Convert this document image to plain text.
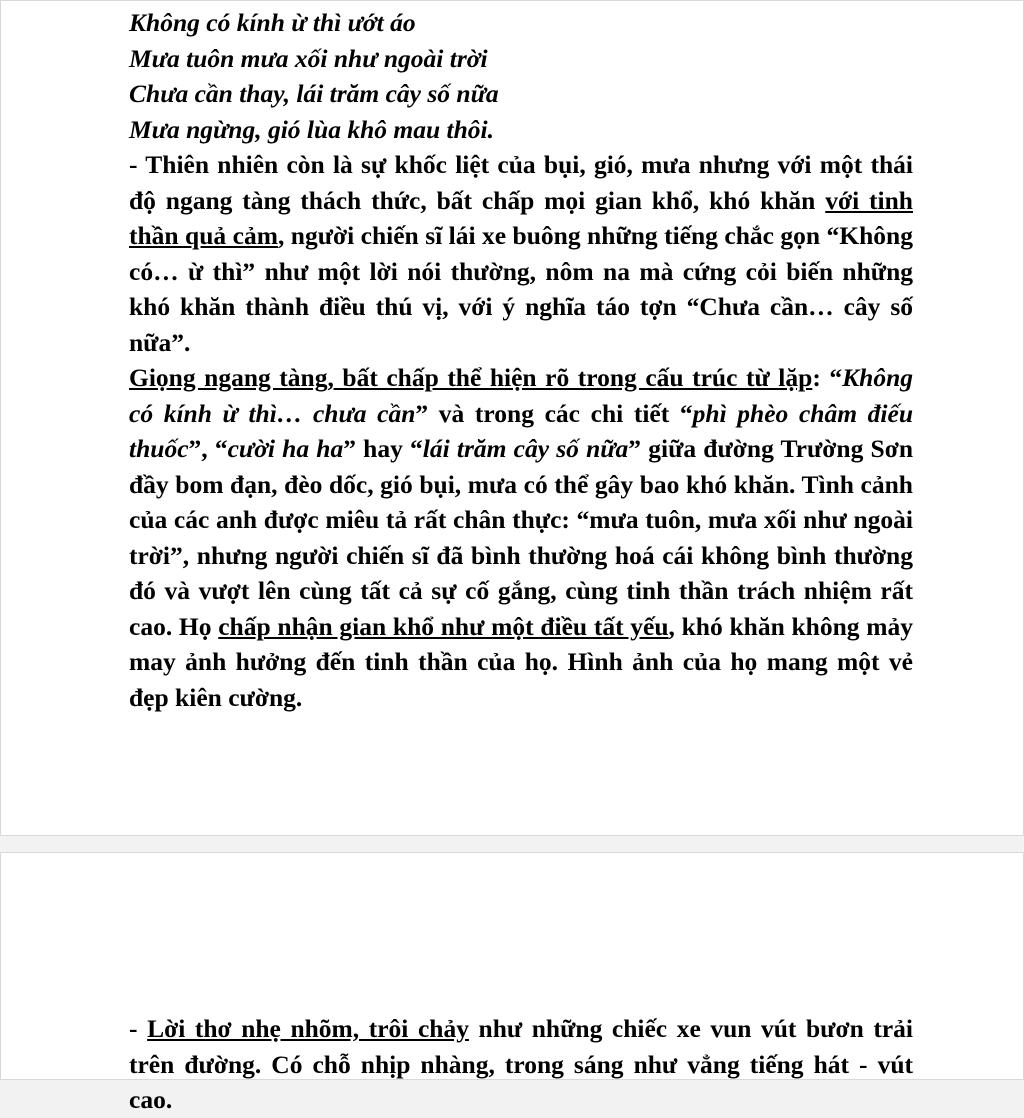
Không có kính ừ thì ướt áo

Mưa tuôn mưa xối như ngoài trời

Chưa cần thay, lái trăm cây số nữa

Mưa ngừng, gió lùa khô mau thôi.

- Thiên nhiên còn là sự khốc liệt của bụi, gió, mưa nhưng với một thái độ ngang tàng thách thức, bất chấp mọi gian khổ, khó khăn với tinh thần quả cảm, người chiến sĩ lái xe buông những tiếng chắc gọn “Không có… ừ thì” như một lời nói thường, nôm na mà cứng cỏi biến những khó khăn thành điều thú vị, với ý nghĩa táo tợn “Chưa cần… cây số nữa”.

Giọng ngang tàng, bất chấp thể hiện rõ trong cấu trúc từ lặp: “Không có kính ừ thì… chưa cần” và trong các chi tiết “phì phèo châm điếu thuốc”, “cười ha ha” hay “lái trăm cây số nữa” giữa đường Trường Sơn đầy bom đạn, đèo dốc, gió bụi, mưa có thể gây bao khó khăn. Tình cảnh của các anh được miêu tả rất chân thực: “mưa tuôn, mưa xối như ngoài trời”, nhưng người chiến sĩ đã bình thường hoá cái không bình thường đó và vượt lên cùng tất cả sự cố gắng, cùng tinh thần trách nhiệm rất cao. Họ chấp nhận gian khổ như một điều tất yếu, khó khăn không mảy may ảnh hưởng đến tinh thần của họ. Hình ảnh của họ mang một vẻ đẹp kiên cường.

- Lời thơ nhẹ nhõm, trôi chảy như những chiếc xe vun vút bươn trải trên đường. Có chỗ nhịp nhàng, trong sáng như vẳng tiếng hát - vút cao.
